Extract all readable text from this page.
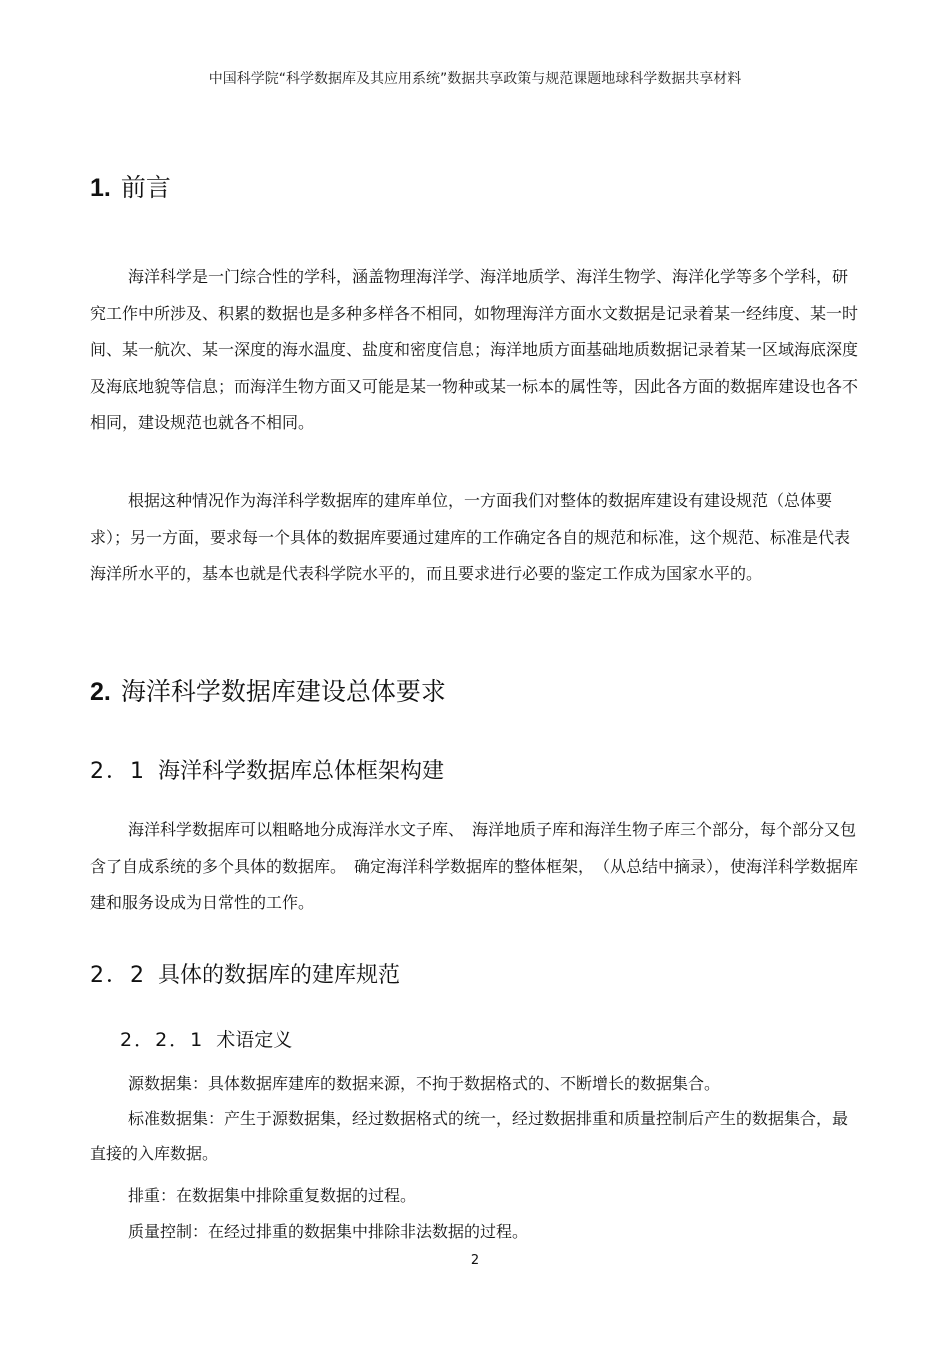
中国科学院“科学数据库及其应用系统”数据共享政策与规范课题地球科学数据共享材料
1. 前言

海洋科学是一门综合性的学科，涵盖物理海洋学、海洋地质学、海洋生物学、海洋化学等多个学科，研究工作中所涉及、积累的数据也是多种多样各不相同，如物理海洋方面水文数据是记录着某一经纬度、某一时间、某一航次、某一深度的海水温度、盐度和密度信息；海洋地质方面基础地质数据记录着某一区域海底深度及海底地貌等信息；而海洋生物方面又可能是某一物种或某一标本的属性等，因此各方面的数据库建设也各不相同，建设规范也就各不相同。

根据这种情况作为海洋科学数据库的建库单位，一方面我们对整体的数据库建设有建设规范（总体要求）；另一方面，要求每一个具体的数据库要通过建库的工作确定各自的规范和标准，这个规范、标准是代表海洋所水平的，基本也就是代表科学院水平的，而且要求进行必要的鉴定工作成为国家水平的。

2. 海洋科学数据库建设总体要求
2．1 海洋科学数据库总体框架构建

海洋科学数据库可以粗略地分成海洋水文子库、　海洋地质子库和海洋生物子库三个部分，每个部分又包含了自成系统的多个具体的数据库。　确定海洋科学数据库的整体框架，　（从总结中摘录），使海洋科学数据库建和服务设成为日常性的工作。

2．2 具体的数据库的建库规范
2．2．1 术语定义

源数据集：具体数据库建库的数据来源，不拘于数据格式的、不断增长的数据集合。

标准数据集：产生于源数据集，经过数据格式的统一，经过数据排重和质量控制后产生的数据集合，最直接的入库数据。

排重：在数据集中排除重复数据的过程。

质量控制：在经过排重的数据集中排除非法数据的过程。

2
